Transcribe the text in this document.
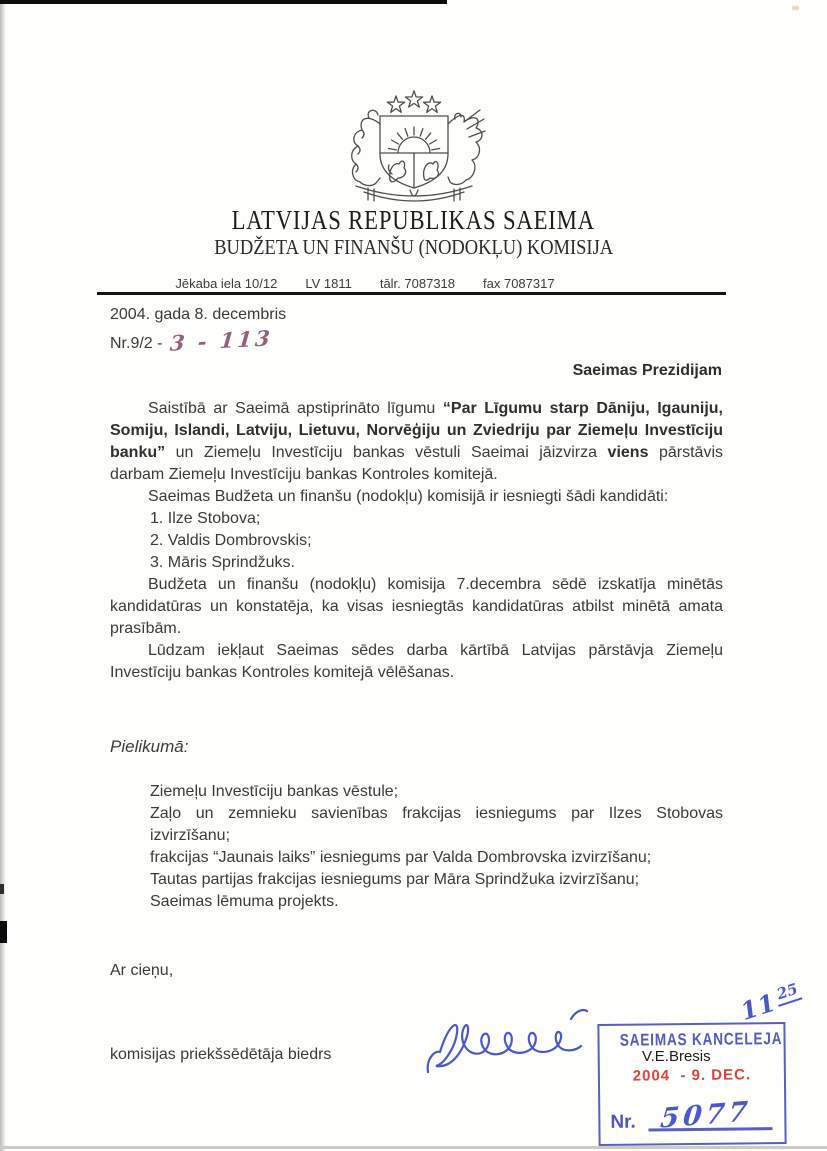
LATVIJAS REPUBLIKAS SAEIMA
BUDŽETA UN FINANŠU (NODOKĻU) KOMISIJA
Jēkaba iela 10/12 LV 1811 tālr. 7087318 fax 7087317
2004. gada 8. decembris
Nr.9/2 - 3 - 113
Saeimas Prezidijam

Saistībā ar Saeimā apstiprināto līgumu “Par Līgumu starp Dāniju, Igauniju, Somiju, Islandi, Latviju, Lietuvu, Norvēģiju un Zviedriju par Ziemeļu Investīciju banku” un Ziemeļu Investīciju bankas vēstuli Saeimai jāizvirza viens pārstāvis darbam Ziemeļu Investīciju bankas Kontroles komitejā.

Saeimas Budžeta un finanšu (nodokļu) komisijā ir iesniegti šādi kandidāti:

1. Ilze Stobova;
2. Valdis Dombrovskis;
3. Māris Sprindžuks.

Budžeta un finanšu (nodokļu) komisija 7.decembra sēdē izskatīja minētās kandidatūras un konstatēja, ka visas iesniegtās kandidatūras atbilst minētā amata prasībām.

Lūdzam iekļaut Saeimas sēdes darba kārtībā Latvijas pārstāvja Ziemeļu Investīciju bankas Kontroles komitejā vēlēšanas.

Pielikumā:
Ziemeļu Investīciju bankas vēstule;
Zaļo un zemnieku savienības frakcijas iesniegums par Ilzes Stobovas izvirzīšanu;
frakcijas “Jaunais laiks” iesniegums par Valda Dombrovska izvirzīšanu;
Tautas partijas frakcijas iesniegums par Māra Sprindžuka izvirzīšanu;
Saeimas lēmuma projekts.
Ar cieņu,
komisijas priekšsēdētāja biedrs	V.E.Bresis
SAEIMAS KANCELEJA
2004  - 9. DEC.
Nr. 5077
1125
